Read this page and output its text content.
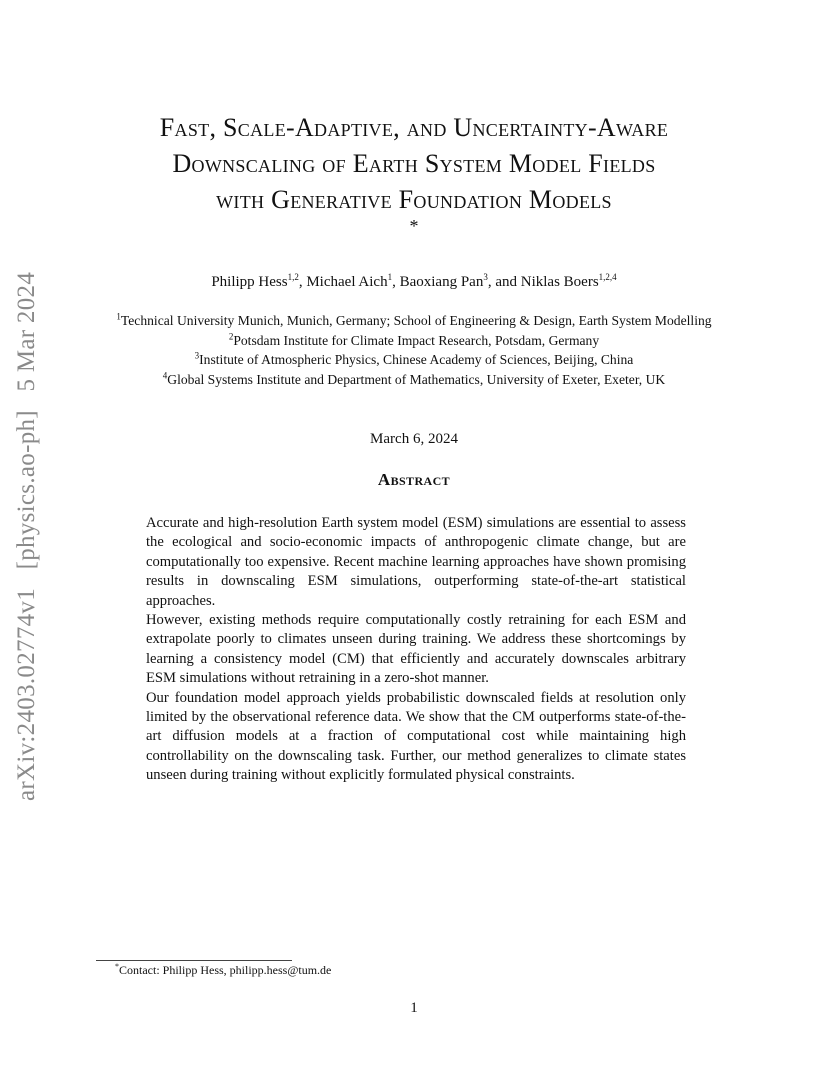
arXiv:2403.02774v1 [physics.ao-ph] 5 Mar 2024
Fast, Scale-Adaptive, and Uncertainty-Aware
Downscaling of Earth System Model Fields
with Generative Foundation Models
*
Philipp Hess$^{1,2}$, Michael Aich$^1$, Baoxiang Pan$^3$, and Niklas Boers$^{1,2,4}$
$^1$Technical University Munich, Munich, Germany; School of Engineering & Design, Earth System Modelling
$^2$Potsdam Institute for Climate Impact Research, Potsdam, Germany
$^3$Institute of Atmospheric Physics, Chinese Academy of Sciences, Beijing, China
$^4$Global Systems Institute and Department of Mathematics, University of Exeter, Exeter, UK
March 6, 2024
Abstract

Accurate and high-resolution Earth system model (ESM) simulations are essential to assess the ecological and socio-economic impacts of anthropogenic climate change, but are computationally too expensive. Recent machine learning approaches have shown promising results in downscaling ESM simulations, outperforming state-of-the-art statistical approaches.

However, existing methods require computationally costly retraining for each ESM and extrapolate poorly to climates unseen during training. We address these shortcomings by learning a consistency model (CM) that efficiently and accurately downscales arbitrary ESM simulations without retraining in a zero-shot manner.

Our foundation model approach yields probabilistic downscaled fields at resolution only limited by the observational reference data. We show that the CM outperforms state-of-the-art diffusion models at a fraction of computational cost while maintaining high controllability on the downscaling task. Further, our method generalizes to climate states unseen during training without explicitly formulated physical constraints.

*Contact: Philipp Hess, philipp.hess@tum.de
1
